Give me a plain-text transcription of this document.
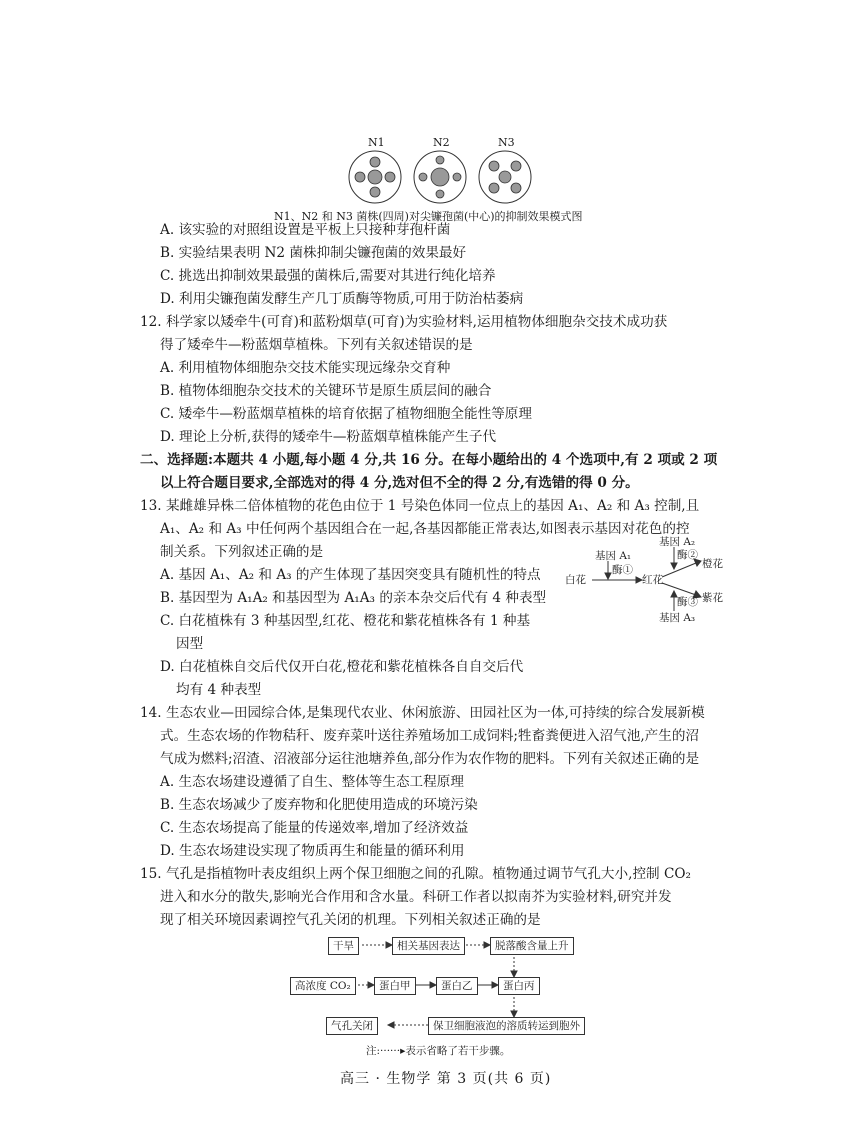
N1	N2	N3
N1、N2 和 N3 菌株(四周)对尖镰孢菌(中心)的抑制效果模式图
A. 该实验的对照组设置是平板上只接种芽孢杆菌
B. 实验结果表明 N2 菌株抑制尖镰孢菌的效果最好
C. 挑选出抑制效果最强的菌株后,需要对其进行纯化培养
D. 利用尖镰孢菌发酵生产几丁质酶等物质,可用于防治枯萎病
12. 科学家以矮牵牛(可育)和蓝粉烟草(可育)为实验材料,运用植物体细胞杂交技术成功获
得了矮牵牛—粉蓝烟草植株。下列有关叙述错误的是
A. 利用植物体细胞杂交技术能实现远缘杂交育种
B. 植物体细胞杂交技术的关键环节是原生质层间的融合
C. 矮牵牛—粉蓝烟草植株的培育依据了植物细胞全能性等原理
D. 理论上分析,获得的矮牵牛—粉蓝烟草植株能产生子代
二、选择题:本题共 4 小题,每小题 4 分,共 16 分。在每小题给出的 4 个选项中,有 2 项或 2 项
以上符合题目要求,全部选对的得 4 分,选对但不全的得 2 分,有选错的得 0 分。
13. 某雌雄异株二倍体植物的花色由位于 1 号染色体同一位点上的基因 A₁、A₂ 和 A₃ 控制,且
A₁、A₂ 和 A₃ 中任何两个基因组合在一起,各基因都能正常表达,如图表示基因对花色的控
制关系。下列叙述正确的是
A. 基因 A₁、A₂ 和 A₃ 的产生体现了基因突变具有随机性的特点
B. 基因型为 A₁A₂ 和基因型为 A₁A₃ 的亲本杂交后代有 4 种表型
C. 白花植株有 3 种基因型,红花、橙花和紫花植株各有 1 种基
因型
D. 白花植株自交后代仅开白花,橙花和紫花植株各自自交后代
均有 4 种表型
白花	红花
橙花
紫花
基因 A₁
酶①
基因 A₂
酶②
酶③
基因 A₃
14. 生态农业—田园综合体,是集现代农业、休闲旅游、田园社区为一体,可持续的综合发展新模
式。生态农场的作物秸秆、废弃菜叶送往养殖场加工成饲料;牲畜粪便进入沼气池,产生的沼
气成为燃料;沼渣、沼液部分运往池塘养鱼,部分作为农作物的肥料。下列有关叙述正确的是
A. 生态农场建设遵循了自生、整体等生态工程原理
B. 生态农场减少了废弃物和化肥使用造成的环境污染
C. 生态农场提高了能量的传递效率,增加了经济效益
D. 生态农场建设实现了物质再生和能量的循环利用
15. 气孔是指植物叶表皮组织上两个保卫细胞之间的孔隙。植物通过调节气孔大小,控制 CO₂
进入和水分的散失,影响光合作用和含水量。科研工作者以拟南芥为实验材料,研究并发
现了相关环境因素调控气孔关闭的机理。下列相关叙述正确的是
干旱	相关基因表达	脱落酸含量上升
高浓度 CO₂	蛋白甲	蛋白乙	蛋白丙
气孔关闭	保卫细胞液泡的溶质转运到胞外
注:······▸表示省略了若干步骤。
高三 · 生物学 第 3 页(共 6 页)
